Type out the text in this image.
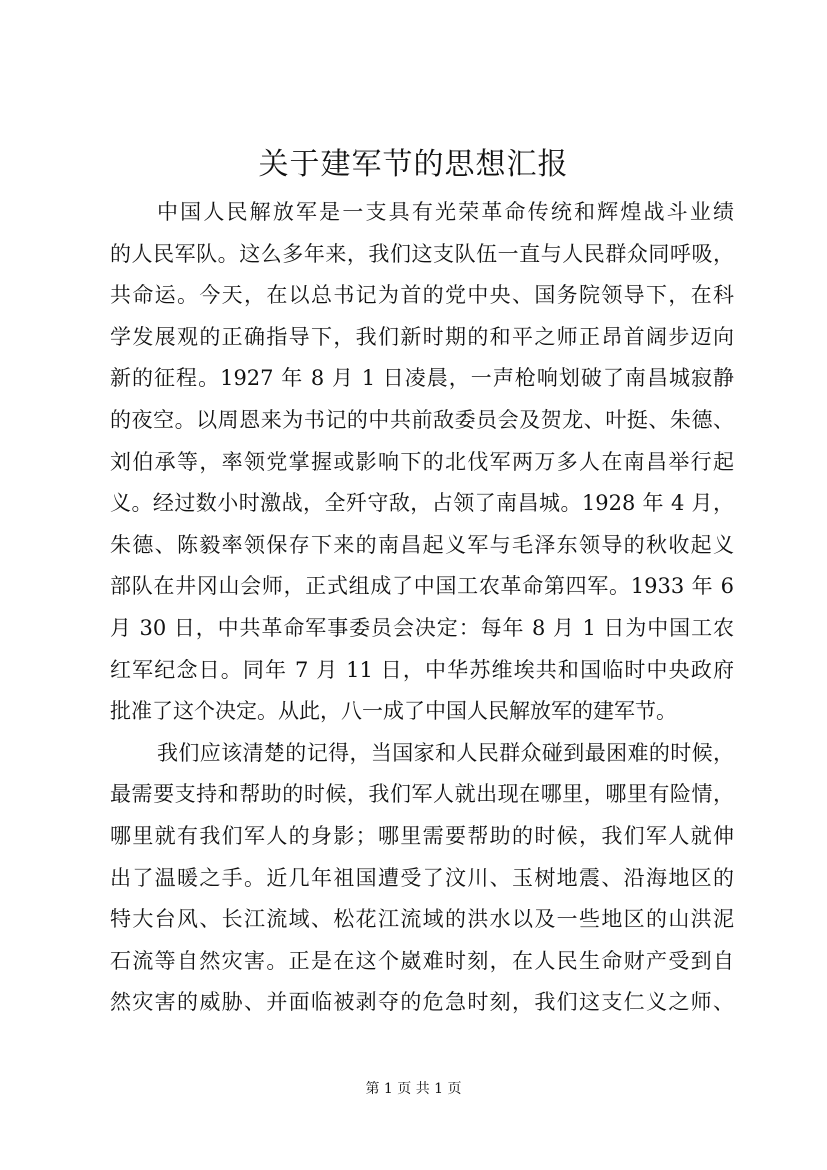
关于建军节的思想汇报
中国人民解放军是一支具有光荣革命传统和辉煌战斗业绩
的人民军队。这么多年来，我们这支队伍一直与人民群众同呼吸，
共命运。今天，在以总书记为首的党中央、国务院领导下，在科
学发展观的正确指导下，我们新时期的和平之师正昂首阔步迈向
新的征程。1927 年 8 月 1 日凌晨，一声枪响划破了南昌城寂静
的夜空。以周恩来为书记的中共前敌委员会及贺龙、叶挺、朱德、
刘伯承等，率领党掌握或影响下的北伐军两万多人在南昌举行起
义。经过数小时激战，全歼守敌，占领了南昌城。1928 年 4 月，
朱德、陈毅率领保存下来的南昌起义军与毛泽东领导的秋收起义
部队在井冈山会师，正式组成了中国工农革命第四军。1933 年 6
月 30 日，中共革命军事委员会决定：每年 8 月 1 日为中国工农
红军纪念日。同年 7 月 11 日，中华苏维埃共和国临时中央政府
批准了这个决定。从此，八一成了中国人民解放军的建军节。
我们应该清楚的记得，当国家和人民群众碰到最困难的时候，
最需要支持和帮助的时候，我们军人就出现在哪里，哪里有险情，
哪里就有我们军人的身影；哪里需要帮助的时候，我们军人就伸
出了温暖之手。近几年祖国遭受了汶川、玉树地震、沿海地区的
特大台风、长江流域、松花江流域的洪水以及一些地区的山洪泥
石流等自然灾害。正是在这个崴难时刻，在人民生命财产受到自
然灾害的威胁、并面临被剥夺的危急时刻，我们这支仁义之师、
第 1 页 共 1 页
